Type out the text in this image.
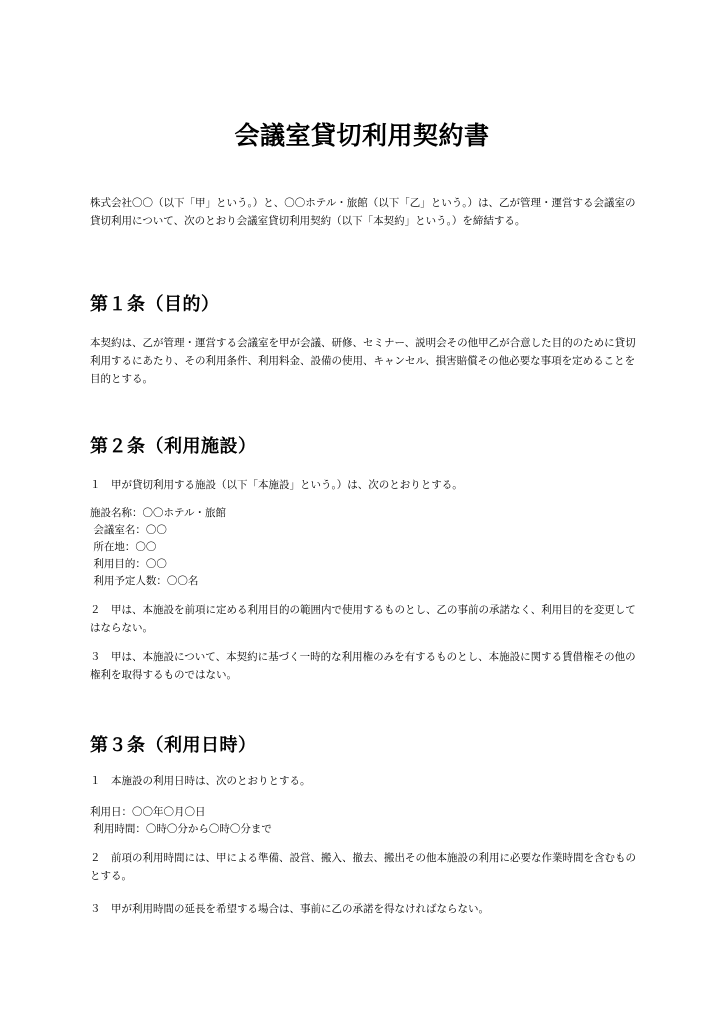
会議室貸切利用契約書
株式会社〇〇（以下「甲」という。）と、〇〇ホテル・旅館（以下「乙」という。）は、乙が管理・運営する会議室の貸切利用について、次のとおり会議室貸切利用契約（以下「本契約」という。）を締結する。
第１条（目的）
本契約は、乙が管理・運営する会議室を甲が会議、研修、セミナー、説明会その他甲乙が合意した目的のために貸切利用するにあたり、その利用条件、利用料金、設備の使用、キャンセル、損害賠償その他必要な事項を定めることを目的とする。
第２条（利用施設）
１　甲が貸切利用する施設（以下「本施設」という。）は、次のとおりとする。
施設名称：〇〇ホテル・旅館
会議室名：〇〇
所在地：〇〇
利用目的：〇〇
利用予定人数：〇〇名
２　甲は、本施設を前項に定める利用目的の範囲内で使用するものとし、乙の事前の承諾なく、利用目的を変更してはならない。
３　甲は、本施設について、本契約に基づく一時的な利用権のみを有するものとし、本施設に関する賃借権その他の権利を取得するものではない。
第３条（利用日時）
１　本施設の利用日時は、次のとおりとする。
利用日：〇〇年〇月〇日
利用時間：〇時〇分から〇時〇分まで
２　前項の利用時間には、甲による準備、設営、搬入、撤去、搬出その他本施設の利用に必要な作業時間を含むものとする。
３　甲が利用時間の延長を希望する場合は、事前に乙の承諾を得なければならない。
